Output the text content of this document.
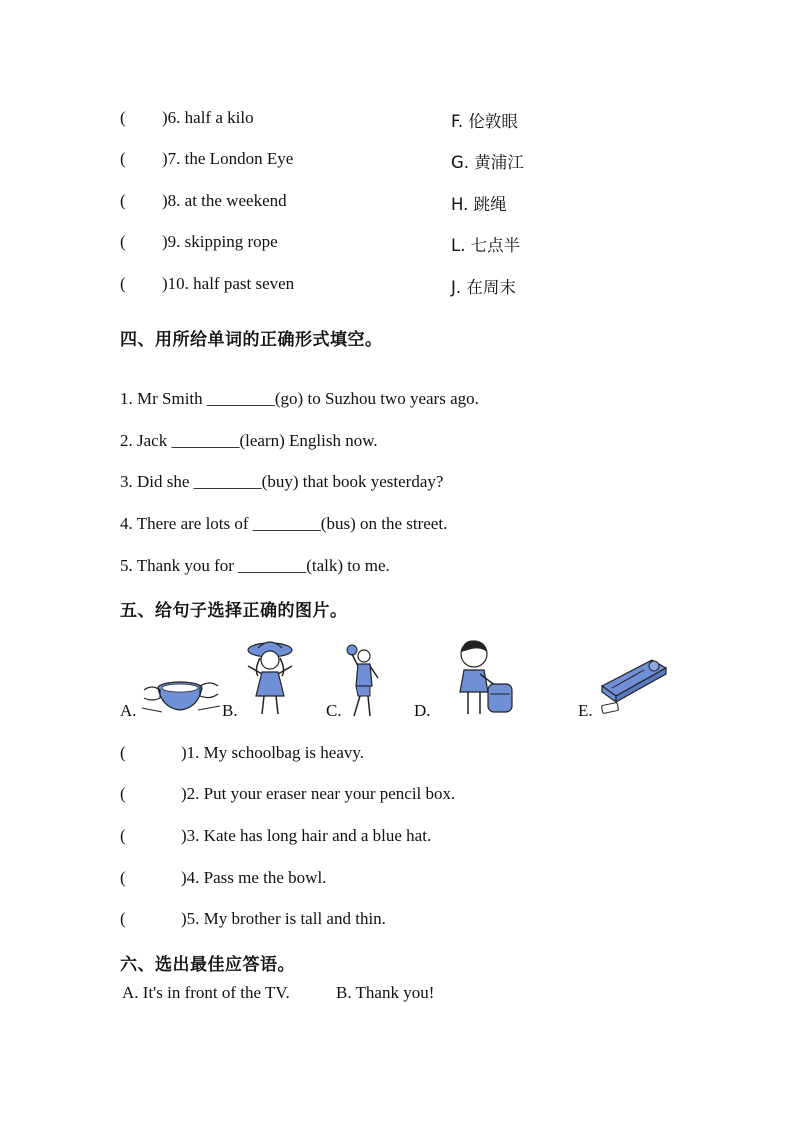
( )6. half a kilo	F. 伦敦眼
( )7. the London Eye	G. 黄浦江
( )8. at the weekend	H. 跳绳
( )9. skipping rope	L. 七点半
( )10. half past seven	J. 在周末
四、用所给单词的正确形式填空。
1. Mr Smith ________(go) to Suzhou two years ago.
2. Jack ________(learn) English now.
3. Did she ________(buy) that book yesterday?
4. There are lots of ________(bus) on the street.
5. Thank you for ________(talk) to me.
五、给句子选择正确的图片。
A.	B.	C.	D.	E.
(	)1. My schoolbag is heavy.
(	)2. Put your eraser near your pencil box.
(	)3. Kate has long hair and a blue hat.
(	)4. Pass me the bowl.
(	)5. My brother is tall and thin.
六、选出最佳应答语。
A. It's in front of the TV.	B. Thank you!
